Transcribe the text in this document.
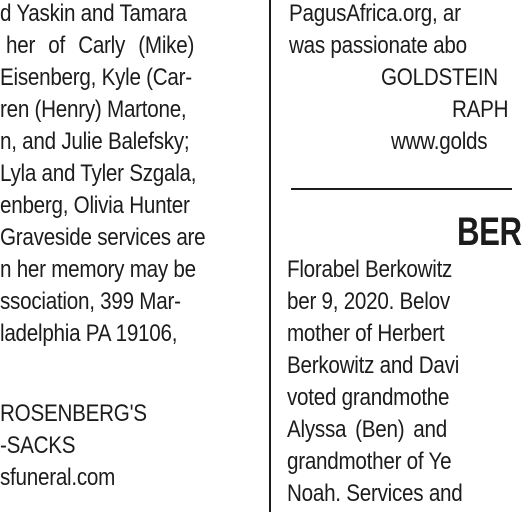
d Yaskin and Tamara
her of Carly (Mike)
Eisenberg, Kyle (Car-
ren (Henry) Martone,
n, and Julie Balefsky;
Lyla and Tyler Szgala,
enberg, Olivia Hunter
Graveside services are
n her memory may be
ssociation, 399 Mar-
ladelphia PA 19106,
ROSENBERG'S
-SACKS
sfuneral.com
PagusAfrica.org, ar
was passionate abo
GOLDSTEIN
RAPH
www.golds
Florabel Berkowitz
ber 9, 2020. Belov
mother of Herbert
Berkowitz and Davi
voted grandmothe
Alyssa (Ben) and
grandmother of Ye
Noah. Services and
BER
